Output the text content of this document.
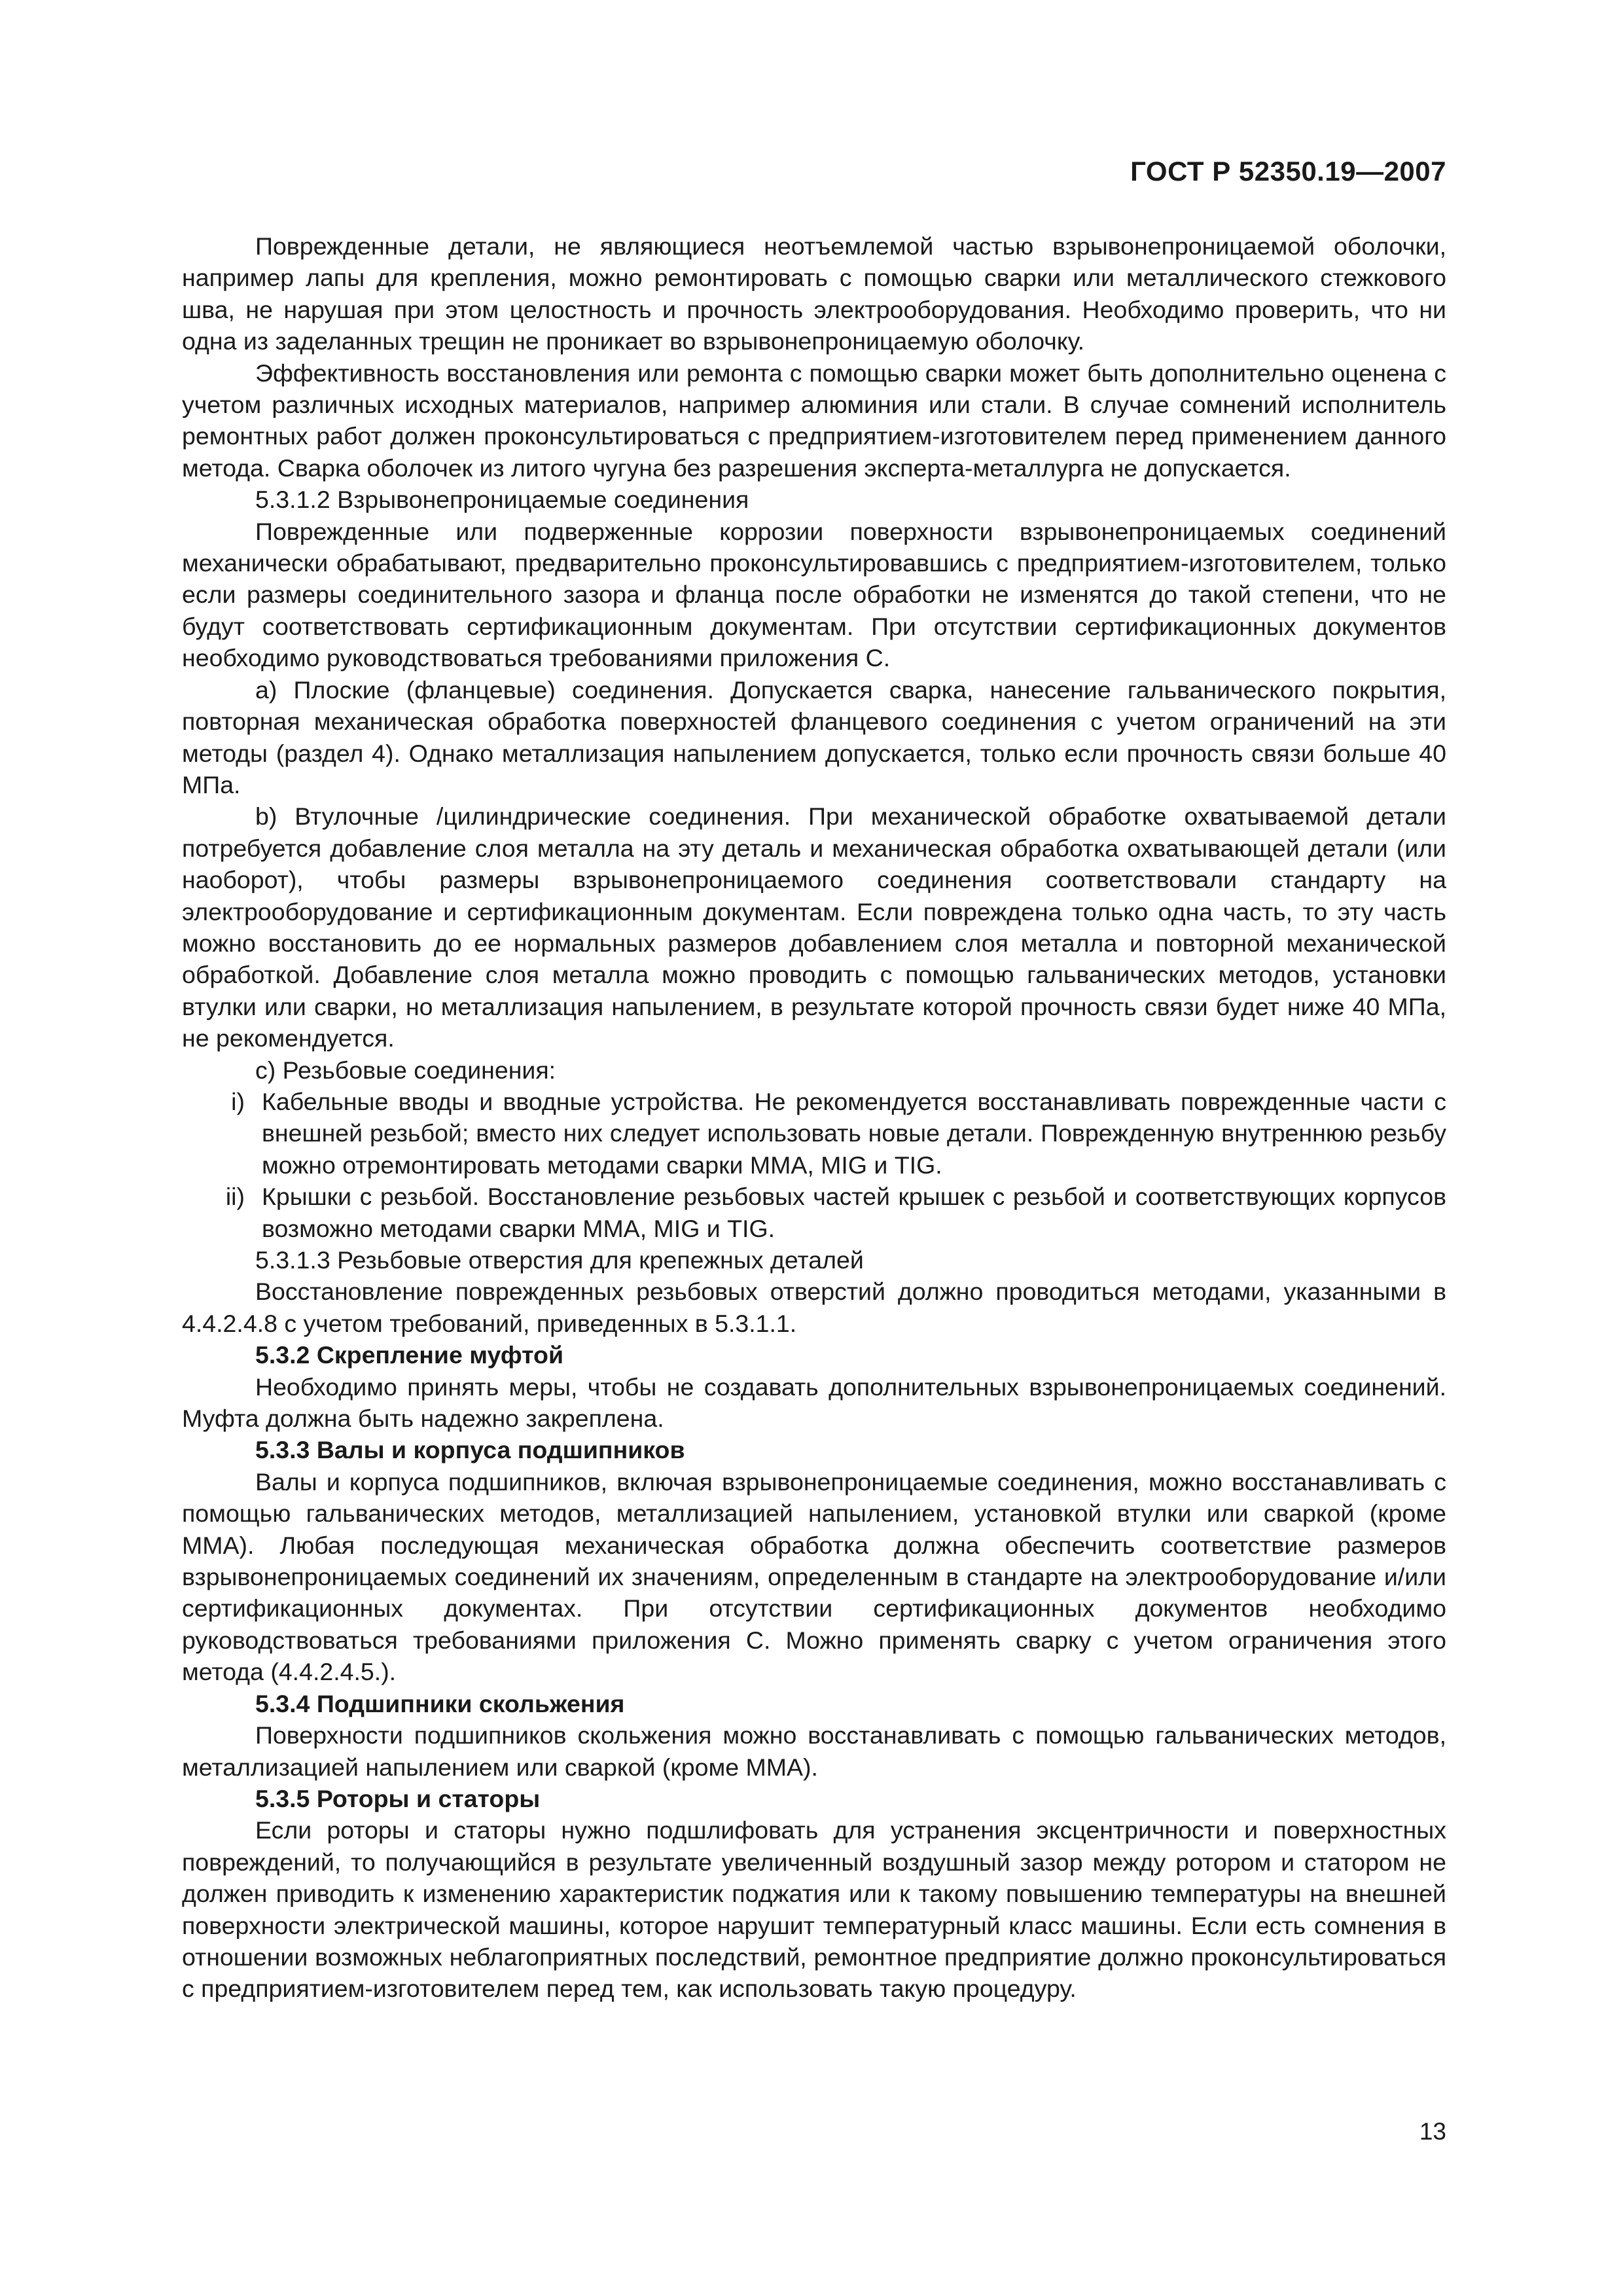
ГОСТ Р 52350.19—2007

Поврежденные детали, не являющиеся неотъемлемой частью взрывонепроницаемой оболочки, например лапы для крепления, можно ремонтировать с помощью сварки или металлического стежкового шва, не нарушая при этом целостность и прочность электрооборудования. Необходимо проверить, что ни одна из заделанных трещин не проникает во взрывонепроницаемую оболочку.

Эффективность восстановления или ремонта с помощью сварки может быть дополнительно оценена с учетом различных исходных материалов, например алюминия или стали. В случае сомнений исполнитель ремонтных работ должен проконсультироваться с предприятием-изготовителем перед применением данного метода. Сварка оболочек из литого чугуна без разрешения эксперта-металлурга не допускается.

5.3.1.2 Взрывонепроницаемые соединения

Поврежденные или подверженные коррозии поверхности взрывонепроницаемых соединений механически обрабатывают, предварительно проконсультировавшись с предприятием-изготовителем, только если размеры соединительного зазора и фланца после обработки не изменятся до такой степени, что не будут соответствовать сертификационным документам. При отсутствии сертификационных документов необходимо руководствоваться требованиями приложения С.

a) Плоские (фланцевые) соединения. Допускается сварка, нанесение гальванического покрытия, повторная механическая обработка поверхностей фланцевого соединения с учетом ограничений на эти методы (раздел 4). Однако металлизация напылением допускается, только если прочность связи больше 40 МПа.

b) Втулочные /цилиндрические соединения. При механической обработке охватываемой детали потребуется добавление слоя металла на эту деталь и механическая обработка охватывающей детали (или наоборот), чтобы размеры взрывонепроницаемого соединения соответствовали стандарту на электрооборудование и сертификационным документам. Если повреждена только одна часть, то эту часть можно восстановить до ее нормальных размеров добавлением слоя металла и повторной механической обработкой. Добавление слоя металла можно проводить с помощью гальванических методов, установки втулки или сварки, но металлизация напылением, в результате которой прочность связи будет ниже 40 МПа, не рекомендуется.

c) Резьбовые соединения:

i) Кабельные вводы и вводные устройства. Не рекомендуется восстанавливать поврежденные части с внешней резьбой; вместо них следует использовать новые детали. Поврежденную внутреннюю резьбу можно отремонтировать методами сварки ММА, MIG и TIG.
ii) Крышки с резьбой. Восстановление резьбовых частей крышек с резьбой и соответствующих корпусов возможно методами сварки ММА, MIG и TIG.

5.3.1.3 Резьбовые отверстия для крепежных деталей

Восстановление поврежденных резьбовых отверстий должно проводиться методами, указанными в 4.4.2.4.8 с учетом требований, приведенных в 5.3.1.1.

5.3.2 Скрепление муфтой

Необходимо принять меры, чтобы не создавать дополнительных взрывонепроницаемых соединений. Муфта должна быть надежно закреплена.

5.3.3 Валы и корпуса подшипников

Валы и корпуса подшипников, включая взрывонепроницаемые соединения, можно восстанавливать с помощью гальванических методов, металлизацией напылением, установкой втулки или сваркой (кроме ММА). Любая последующая механическая обработка должна обеспечить соответствие размеров взрывонепроницаемых соединений их значениям, определенным в стандарте на электрооборудование и/или сертификационных документах. При отсутствии сертификационных документов необходимо руководствоваться требованиями приложения С. Можно применять сварку с учетом ограничения этого метода (4.4.2.4.5.).

5.3.4 Подшипники скольжения

Поверхности подшипников скольжения можно восстанавливать с помощью гальванических методов, металлизацией напылением или сваркой (кроме ММА).

5.3.5 Роторы и статоры

Если роторы и статоры нужно подшлифовать для устранения эксцентричности и поверхностных повреждений, то получающийся в результате увеличенный воздушный зазор между ротором и статором не должен приводить к изменению характеристик поджатия или к такому повышению температуры на внешней поверхности электрической машины, которое нарушит температурный класс машины. Если есть сомнения в отношении возможных неблагоприятных последствий, ремонтное предприятие должно проконсультироваться с предприятием-изготовителем перед тем, как использовать такую процедуру.

13
